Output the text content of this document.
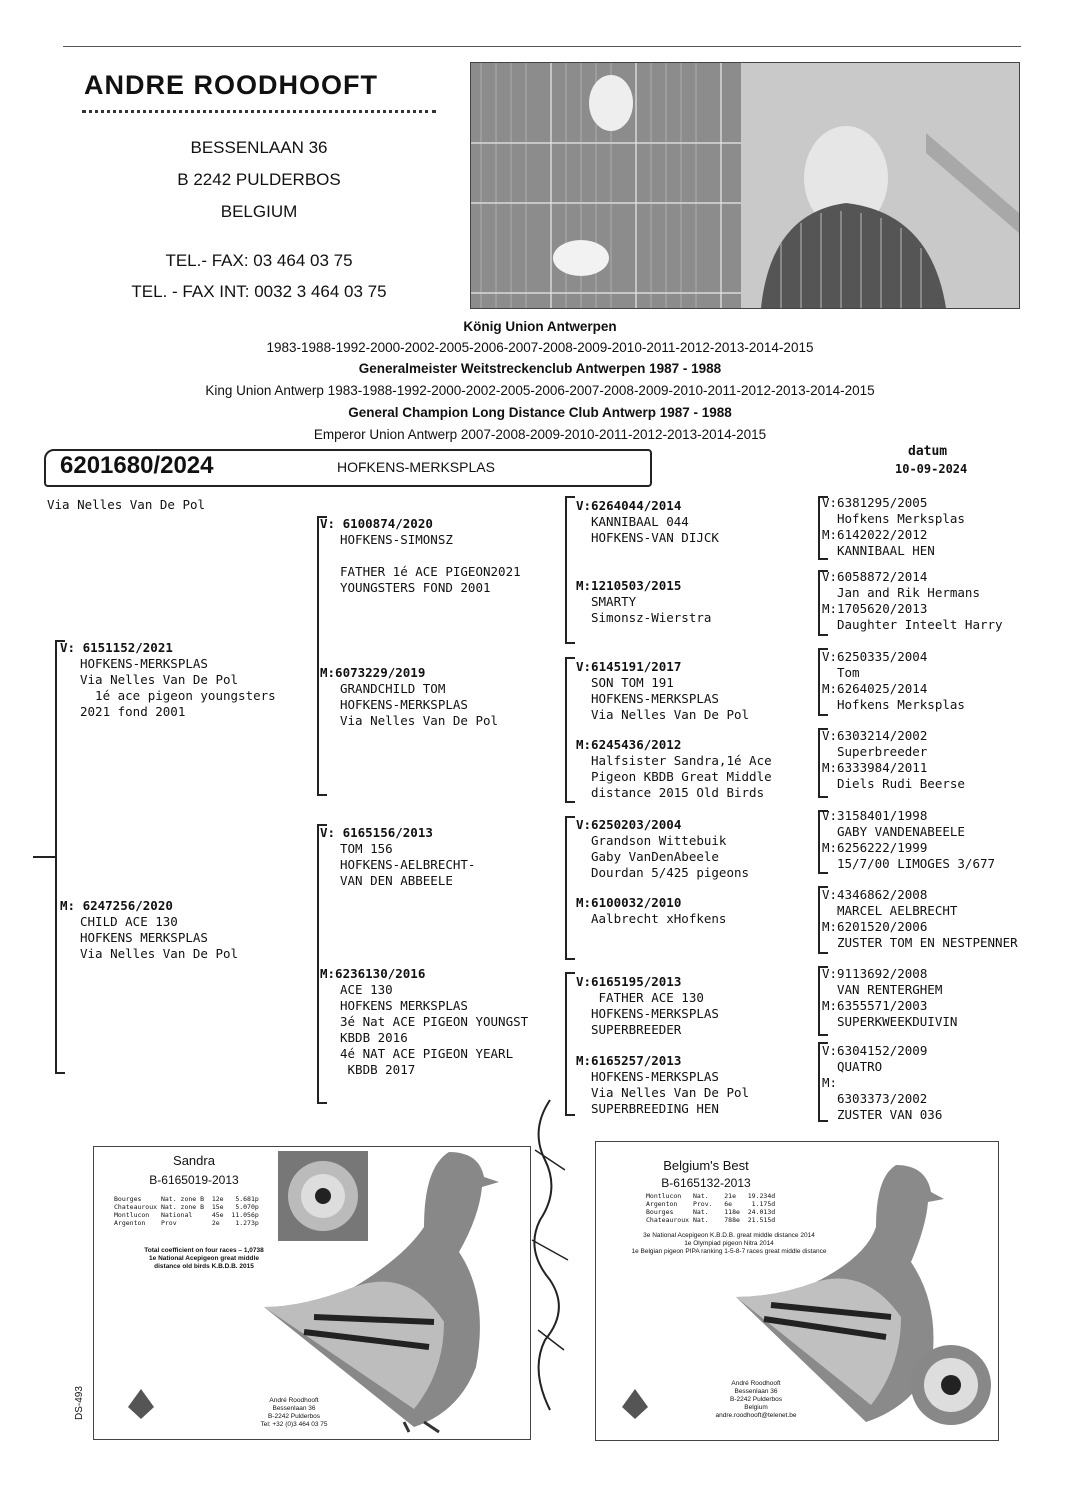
ANDRE ROODHOOFT
BESSENLAAN 36
B 2242 PULDERBOS
BELGIUM
TEL.- FAX: 03 464 03 75
TEL. - FAX INT: 0032 3 464 03 75
König Union Antwerpen
1983-1988-1992-2000-2002-2005-2006-2007-2008-2009-2010-2011-2012-2013-2014-2015
Generalmeister Weitstreckenclub Antwerpen 1987 - 1988
King Union Antwerp 1983-1988-1992-2000-2002-2005-2006-2007-2008-2009-2010-2011-2012-2013-2014-2015
General Champion Long Distance Club Antwerp 1987 - 1988
Emperor Union Antwerp 2007-2008-2009-2010-2011-2012-2013-2014-2015
6201680/2024	HOFKENS-MERKSPLAS
datum
10-09-2024
Via Nelles Van De Pol
V: 6151152/2021
HOFKENS-MERKSPLAS
Via Nelles Van De Pol
1é ace pigeon youngsters
2021 fond 2001
M: 6247256/2020
CHILD ACE 130
HOFKENS MERKSPLAS
Via Nelles Van De Pol
V: 6100874/2020
HOFKENS-SIMONSZ

FATHER 1é ACE PIGEON2021
YOUNGSTERS FOND 2001
M:6073229/2019
GRANDCHILD TOM
HOFKENS-MERKSPLAS
Via Nelles Van De Pol
V: 6165156/2013
TOM 156
HOFKENS-AELBRECHT-
VAN DEN ABBEELE
M:6236130/2016
ACE 130
HOFKENS MERKSPLAS
3é Nat ACE PIGEON YOUNGST
KBDB 2016
4é NAT ACE PIGEON YEARL
KBDB 2017
V:6264044/2014
KANNIBAAL 044
HOFKENS-VAN DIJCK
M:1210503/2015
SMARTY
Simonsz-Wierstra
V:6145191/2017
SON TOM 191
HOFKENS-MERKSPLAS
Via Nelles Van De Pol
M:6245436/2012
Halfsister Sandra,1é Ace
Pigeon KBDB Great Middle
distance 2015 Old Birds
V:6250203/2004
Grandson Wittebuik
Gaby VanDenAbeele
Dourdan 5/425 pigeons
M:6100032/2010
Aalbrecht xHofkens
V:6165195/2013
FATHER ACE 130
HOFKENS-MERKSPLAS
SUPERBREEDER
M:6165257/2013
HOFKENS-MERKSPLAS
Via Nelles Van De Pol
SUPERBREEDING HEN
V:6381295/2005
Hofkens Merksplas
M:6142022/2012
KANNIBAAL HEN
V:6058872/2014
Jan and Rik Hermans
M:1705620/2013
Daughter Inteelt Harry
V:6250335/2004
Tom
M:6264025/2014
Hofkens Merksplas
V:6303214/2002
Superbreeder
M:6333984/2011
Diels Rudi Beerse
V:3158401/1998
GABY VANDENABEELE
M:6256222/1999
15/7/00 LIMOGES 3/677
V:4346862/2008
MARCEL AELBRECHT
M:6201520/2006
ZUSTER TOM EN NESTPENNER
V:9113692/2008
VAN RENTERGHEM
M:6355571/2003
SUPERKWEEKDUIVIN
V:6304152/2009
QUATRO
M:
6303373/2002
ZUSTER VAN 036
Sandra
B-6165019-2013
Bourges     Nat. zone B  12e   5.681p
Chateauroux Nat. zone B  15e   5.070p
Montlucon   National     45e  11.056p
Argenton    Prov         2e    1.273p
Total coefficient on four races – 1,0738
1e National Acepigeon great middle
distance old birds K.B.D.B. 2015
André Roodhooft
Bessenlaan 36
B-2242 Pulderbos
Tel: +32 (0)3 464 03 75
DS-493
Belgium's Best
B-6165132-2013
Montlucon   Nat.    21e   19.234d
Argenton    Prov.   6e     1.175d
Bourges     Nat.    118e  24.013d
Chateauroux Nat.    788e  21.515d
3e National Acepigeon K.B.D.B. great middle distance 2014
1e Olympiad pigeon Nitra 2014
1e Belgian pigeon PIPA ranking 1-5-8-7 races great middle distance
André Roodhooft
Bessenlaan 36
B-2242 Pulderbos
Belgium
andre.roodhooft@telenet.be
